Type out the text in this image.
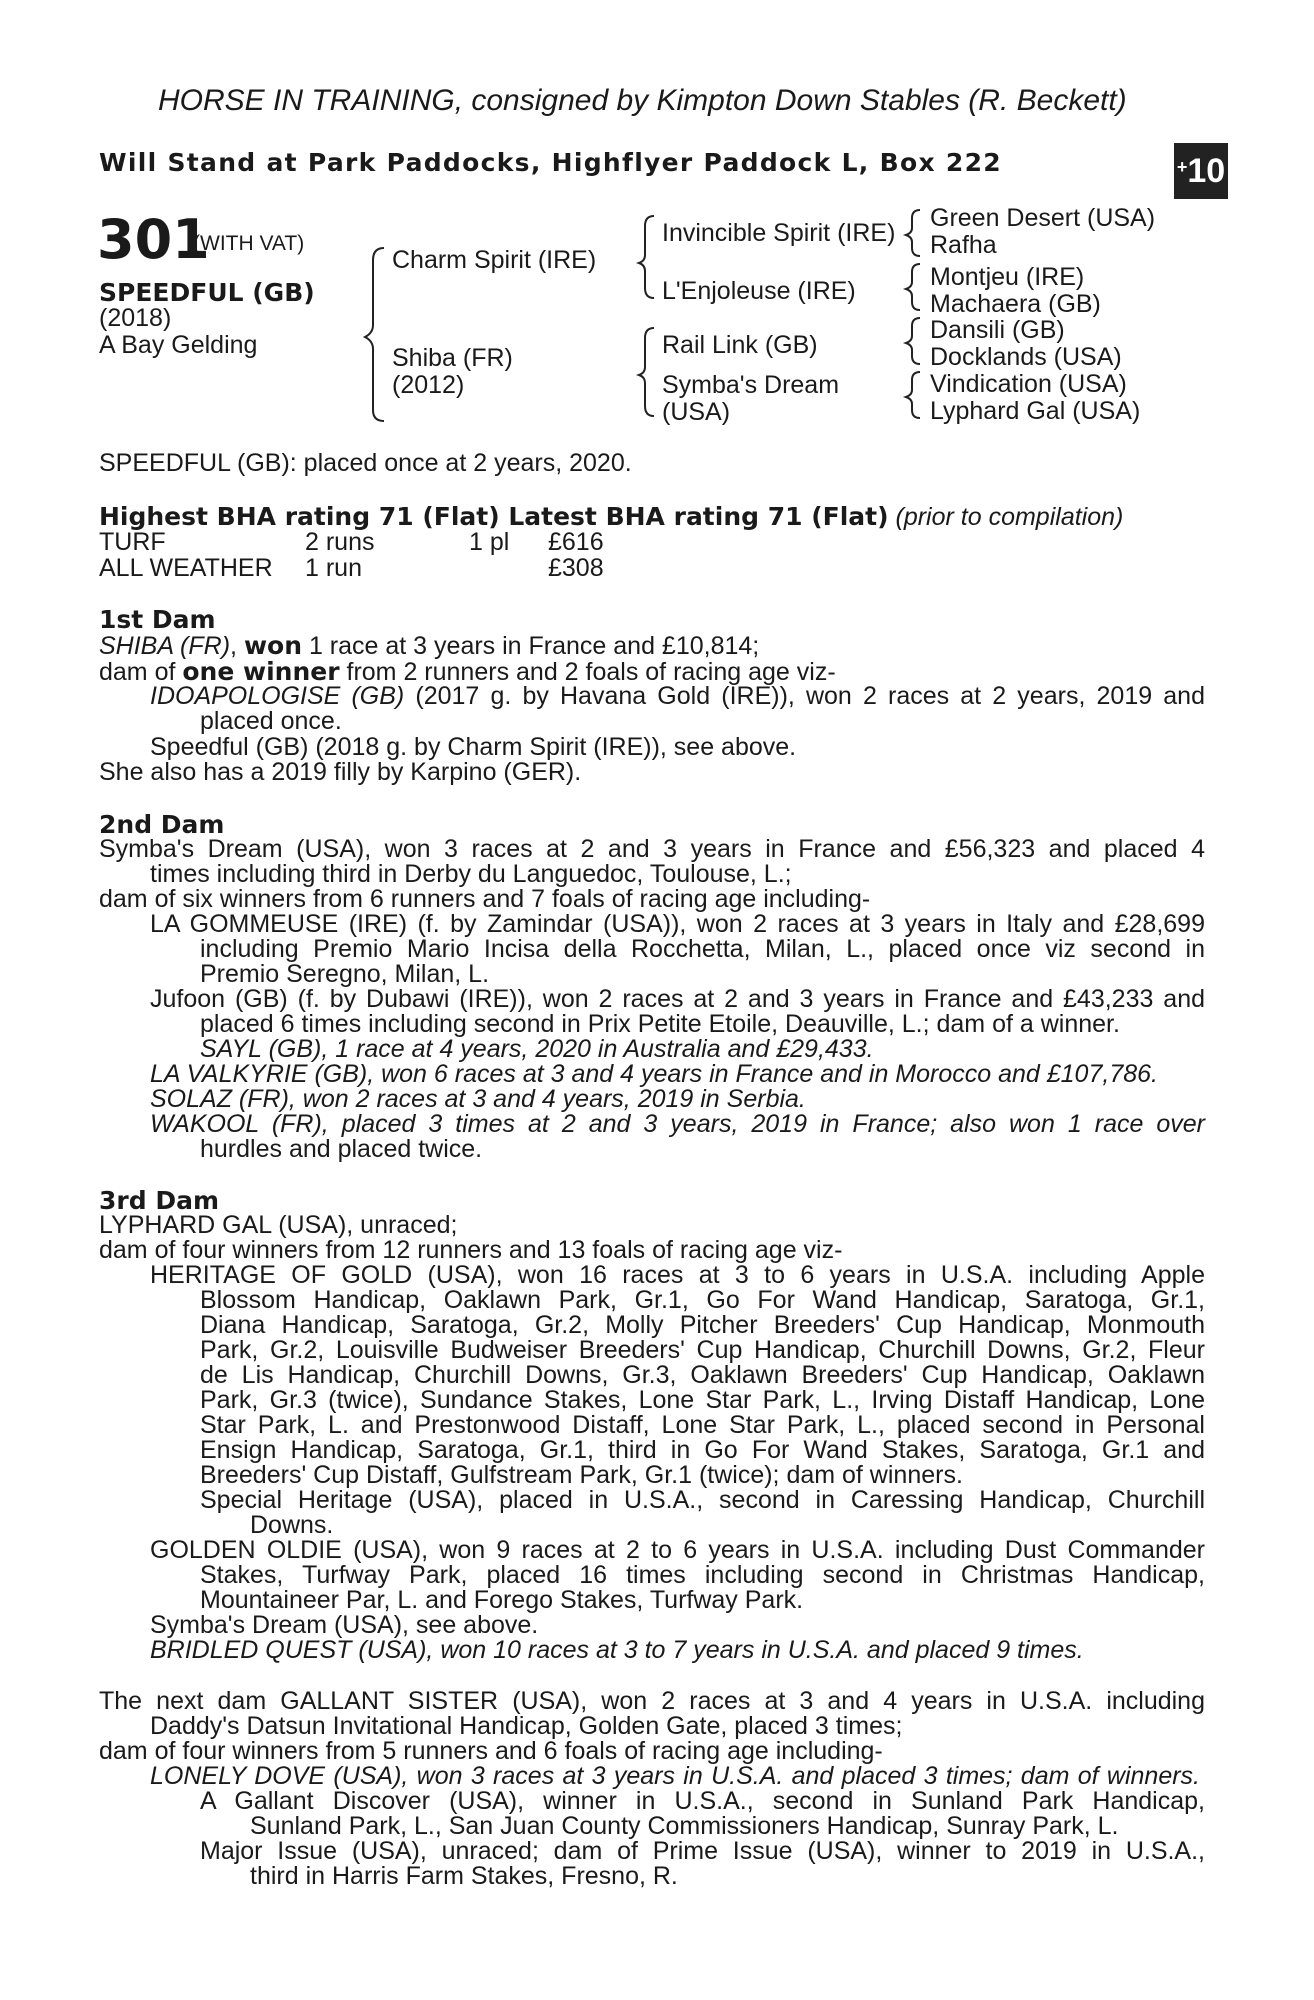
HORSE IN TRAINING, consigned by Kimpton Down Stables (R. Beckett)
Will Stand at Park Paddocks, Highflyer Paddock L, Box 222	+10
301
(WITH VAT)
SPEEDFUL (GB)
(2018)
A Bay Gelding
Charm Spirit (IRE)
Shiba (FR)
(2012)
Invincible Spirit (IRE)
L'Enjoleuse (IRE)
Rail Link (GB)
Symba's Dream
(USA)
Green Desert (USA)
Rafha
Montjeu (IRE)
Machaera (GB)
Dansili (GB)
Docklands (USA)
Vindication (USA)
Lyphard Gal (USA)
SPEEDFUL (GB): placed once at 2 years, 2020.
Highest BHA rating 71 (Flat) Latest BHA rating 71 (Flat) (prior to compilation)
TURF	2 runs	1 pl £616
ALL WEATHER 1 run	£308
1st Dam
SHIBA (FR), won 1 race at 3 years in France and £10,814;
dam of one winner from 2 runners and 2 foals of racing age viz-
IDOAPOLOGISE (GB) (2017 g. by Havana Gold (IRE)), won 2 races at 2 years, 2019 and
placed once.
Speedful (GB) (2018 g. by Charm Spirit (IRE)), see above.
She also has a 2019 filly by Karpino (GER).
2nd Dam
Symba's Dream (USA), won 3 races at 2 and 3 years in France and £56,323 and placed 4
times including third in Derby du Languedoc, Toulouse, L.;
dam of six winners from 6 runners and 7 foals of racing age including-
LA GOMMEUSE (IRE) (f. by Zamindar (USA)), won 2 races at 3 years in Italy and £28,699
including Premio Mario Incisa della Rocchetta, Milan, L., placed once viz second in
Premio Seregno, Milan, L.
Jufoon (GB) (f. by Dubawi (IRE)), won 2 races at 2 and 3 years in France and £43,233 and
placed 6 times including second in Prix Petite Etoile, Deauville, L.; dam of a winner.
SAYL (GB), 1 race at 4 years, 2020 in Australia and £29,433.
LA VALKYRIE (GB), won 6 races at 3 and 4 years in France and in Morocco and £107,786.
SOLAZ (FR), won 2 races at 3 and 4 years, 2019 in Serbia.
WAKOOL (FR), placed 3 times at 2 and 3 years, 2019 in France; also won 1 race over
hurdles and placed twice.
3rd Dam
LYPHARD GAL (USA), unraced;
dam of four winners from 12 runners and 13 foals of racing age viz-
HERITAGE OF GOLD (USA), won 16 races at 3 to 6 years in U.S.A. including Apple
Blossom Handicap, Oaklawn Park, Gr.1, Go For Wand Handicap, Saratoga, Gr.1,
Diana Handicap, Saratoga, Gr.2, Molly Pitcher Breeders' Cup Handicap, Monmouth
Park, Gr.2, Louisville Budweiser Breeders' Cup Handicap, Churchill Downs, Gr.2, Fleur
de Lis Handicap, Churchill Downs, Gr.3, Oaklawn Breeders' Cup Handicap, Oaklawn
Park, Gr.3 (twice), Sundance Stakes, Lone Star Park, L., Irving Distaff Handicap, Lone
Star Park, L. and Prestonwood Distaff, Lone Star Park, L., placed second in Personal
Ensign Handicap, Saratoga, Gr.1, third in Go For Wand Stakes, Saratoga, Gr.1 and
Breeders' Cup Distaff, Gulfstream Park, Gr.1 (twice); dam of winners.
Special Heritage (USA), placed in U.S.A., second in Caressing Handicap, Churchill
Downs.
GOLDEN OLDIE (USA), won 9 races at 2 to 6 years in U.S.A. including Dust Commander
Stakes, Turfway Park, placed 16 times including second in Christmas Handicap,
Mountaineer Par, L. and Forego Stakes, Turfway Park.
Symba's Dream (USA), see above.
BRIDLED QUEST (USA), won 10 races at 3 to 7 years in U.S.A. and placed 9 times.
The next dam GALLANT SISTER (USA), won 2 races at 3 and 4 years in U.S.A. including
Daddy's Datsun Invitational Handicap, Golden Gate, placed 3 times;
dam of four winners from 5 runners and 6 foals of racing age including-
LONELY DOVE (USA), won 3 races at 3 years in U.S.A. and placed 3 times; dam of winners.
A Gallant Discover (USA), winner in U.S.A., second in Sunland Park Handicap,
Sunland Park, L., San Juan County Commissioners Handicap, Sunray Park, L.
Major Issue (USA), unraced; dam of Prime Issue (USA), winner to 2019 in U.S.A.,
third in Harris Farm Stakes, Fresno, R.
